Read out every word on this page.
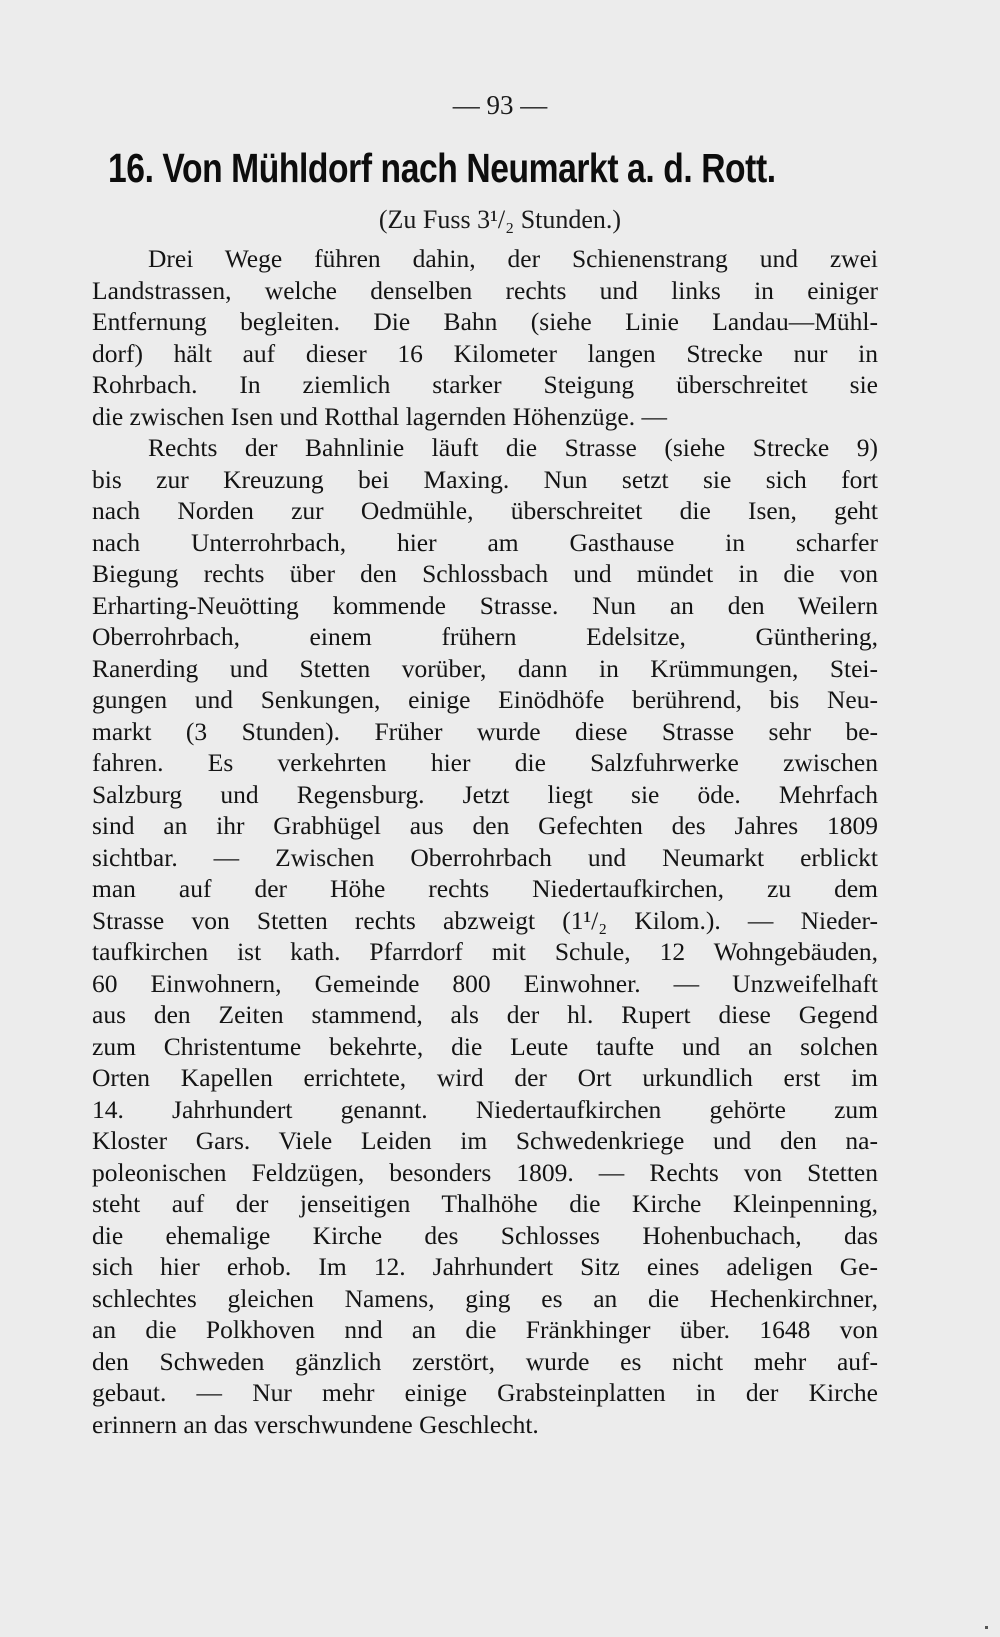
— 93 —
16. Von Mühldorf nach Neumarkt a. d. Rott.
(Zu Fuss 3¹/₂ Stunden.)
Drei Wege führen dahin, der Schienenstrang und zwei
Landstrassen, welche denselben rechts und links in einiger
Entfernung begleiten. Die Bahn (siehe Linie Landau—Mühl-
dorf) hält auf dieser 16 Kilometer langen Strecke nur in
Rohrbach. In ziemlich starker Steigung überschreitet sie
die zwischen Isen und Rotthal lagernden Höhenzüge. —
Rechts der Bahnlinie läuft die Strasse (siehe Strecke 9)
bis zur Kreuzung bei Maxing. Nun setzt sie sich fort
nach Norden zur Oedmühle, überschreitet die Isen, geht
nach Unterrohrbach, hier am Gasthause in scharfer
Biegung rechts über den Schlossbach und mündet in die von
Erharting-Neuötting kommende Strasse. Nun an den Weilern
Oberrohrbach, einem frühern Edelsitze, Günthering,
Ranerding und Stetten vorüber, dann in Krümmungen, Stei-
gungen und Senkungen, einige Einödhöfe berührend, bis Neu-
markt (3 Stunden). Früher wurde diese Strasse sehr be-
fahren. Es verkehrten hier die Salzfuhrwerke zwischen
Salzburg und Regensburg. Jetzt liegt sie öde. Mehrfach
sind an ihr Grabhügel aus den Gefechten des Jahres 1809
sichtbar. — Zwischen Oberrohrbach und Neumarkt erblickt
man auf der Höhe rechts Niedertaufkirchen, zu dem
Strasse von Stetten rechts abzweigt (1¹/₂ Kilom.). — Nieder-
taufkirchen ist kath. Pfarrdorf mit Schule, 12 Wohngebäuden,
60 Einwohnern, Gemeinde 800 Einwohner. — Unzweifelhaft
aus den Zeiten stammend, als der hl. Rupert diese Gegend
zum Christentume bekehrte, die Leute taufte und an solchen
Orten Kapellen errichtete, wird der Ort urkundlich erst im
14. Jahrhundert genannt. Niedertaufkirchen gehörte zum
Kloster Gars. Viele Leiden im Schwedenkriege und den na-
poleonischen Feldzügen, besonders 1809. — Rechts von Stetten
steht auf der jenseitigen Thalhöhe die Kirche Kleinpenning,
die ehemalige Kirche des Schlosses Hohenbuchach, das
sich hier erhob. Im 12. Jahrhundert Sitz eines adeligen Ge-
schlechtes gleichen Namens, ging es an die Hechenkirchner,
an die Polkhoven nnd an die Fränkhinger über. 1648 von
den Schweden gänzlich zerstört, wurde es nicht mehr auf-
gebaut. — Nur mehr einige Grabsteinplatten in der Kirche
erinnern an das verschwundene Geschlecht.
